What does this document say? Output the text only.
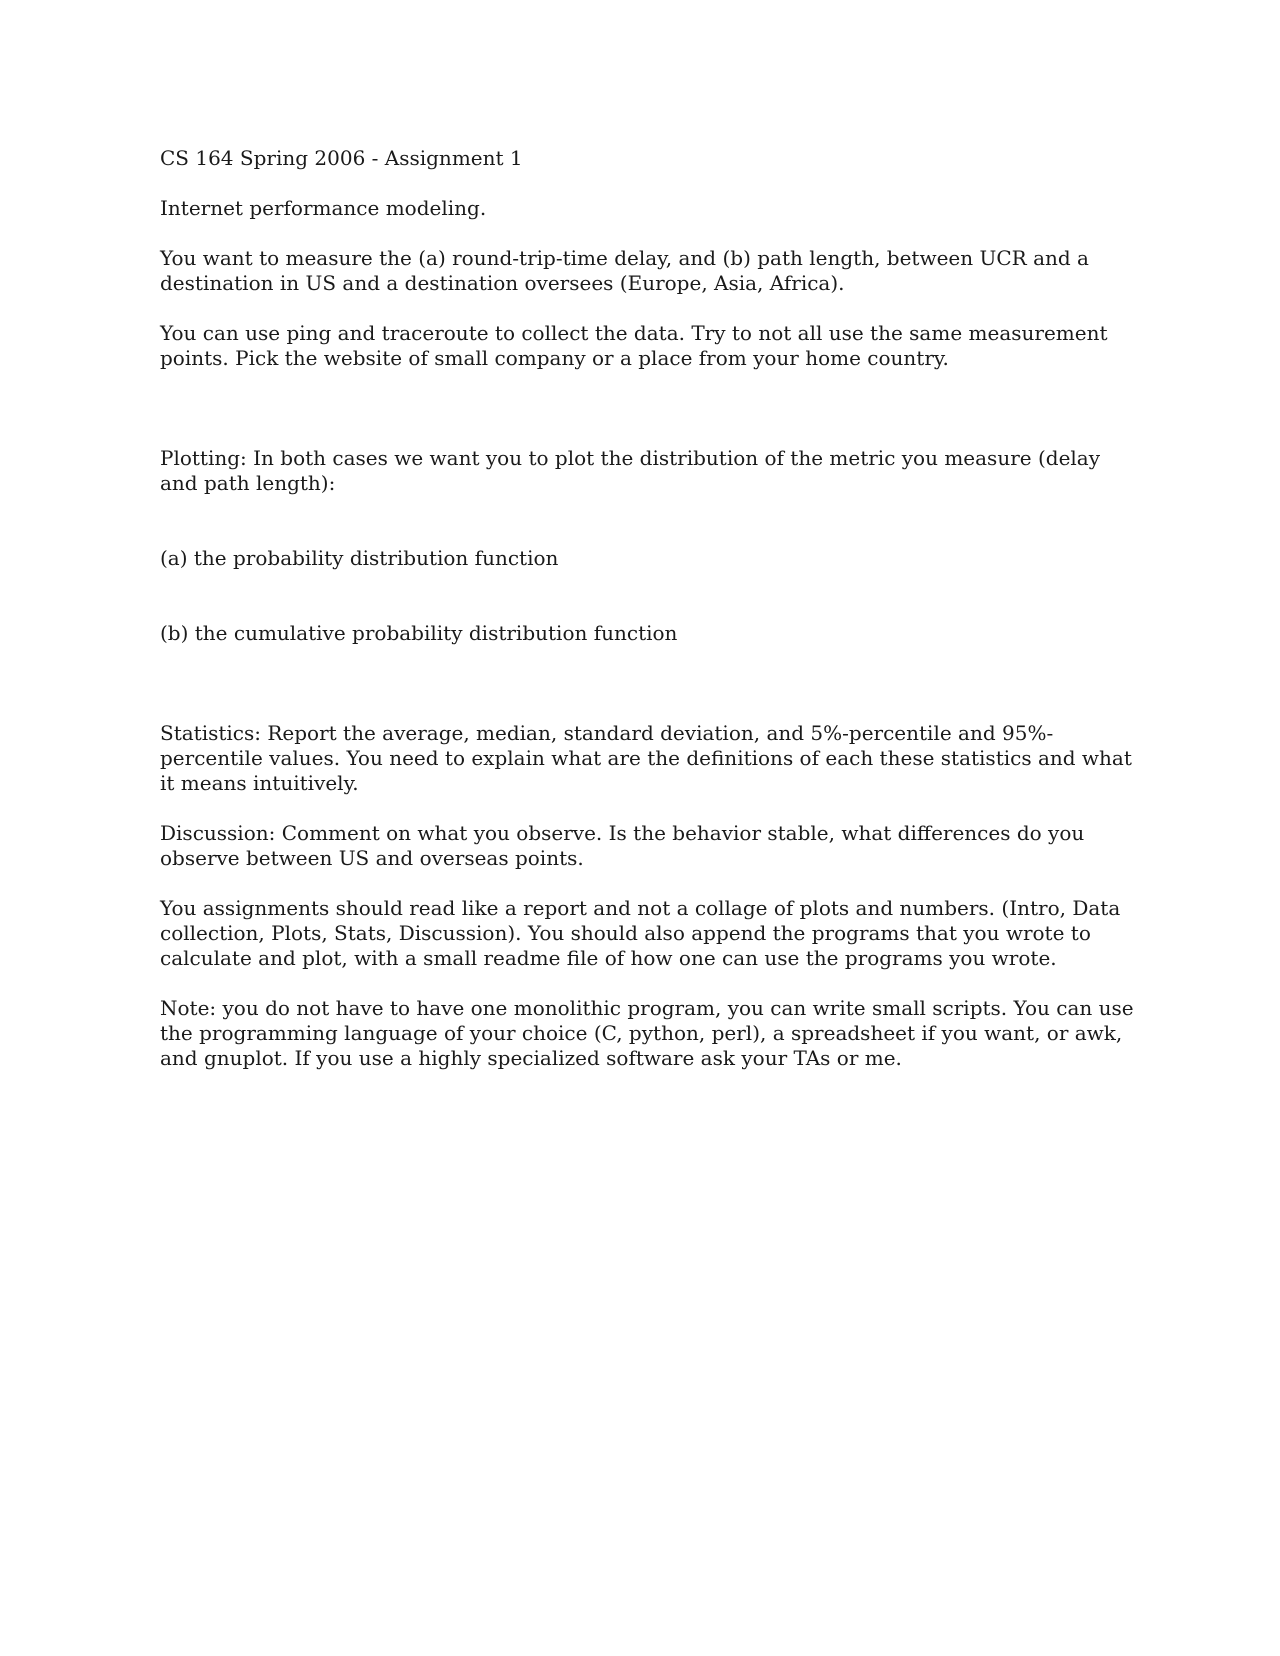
CS 164 Spring 2006 - Assignment 1

Internet performance modeling.

You want to measure the (a) round-trip-time delay, and (b) path length, between UCR and a destination in US and a destination oversees (Europe, Asia, Africa).

You can use ping and traceroute to collect the data. Try to not all use the same measurement points. Pick the website of small company or a place from your home country.

Plotting: In both cases we want you to plot the distribution of the metric you measure (delay and path length):

(a) the probability distribution function

(b) the cumulative probability distribution function

Statistics: Report the average, median, standard deviation, and 5%-percentile and 95%-percentile values. You need to explain what are the definitions of each these statistics and what it means intuitively.

Discussion: Comment on what you observe. Is the behavior stable, what differences do you observe between US and overseas points.

You assignments should read like a report and not a collage of plots and numbers. (Intro, Data collection, Plots, Stats, Discussion). You should also append the programs that you wrote to calculate and plot, with a small readme file of how one can use the programs you wrote.

Note: you do not have to have one monolithic program, you can write small scripts. You can use the programming language of your choice (C, python, perl), a spreadsheet if you want, or awk, and gnuplot. If you use a highly specialized software ask your TAs or me.
